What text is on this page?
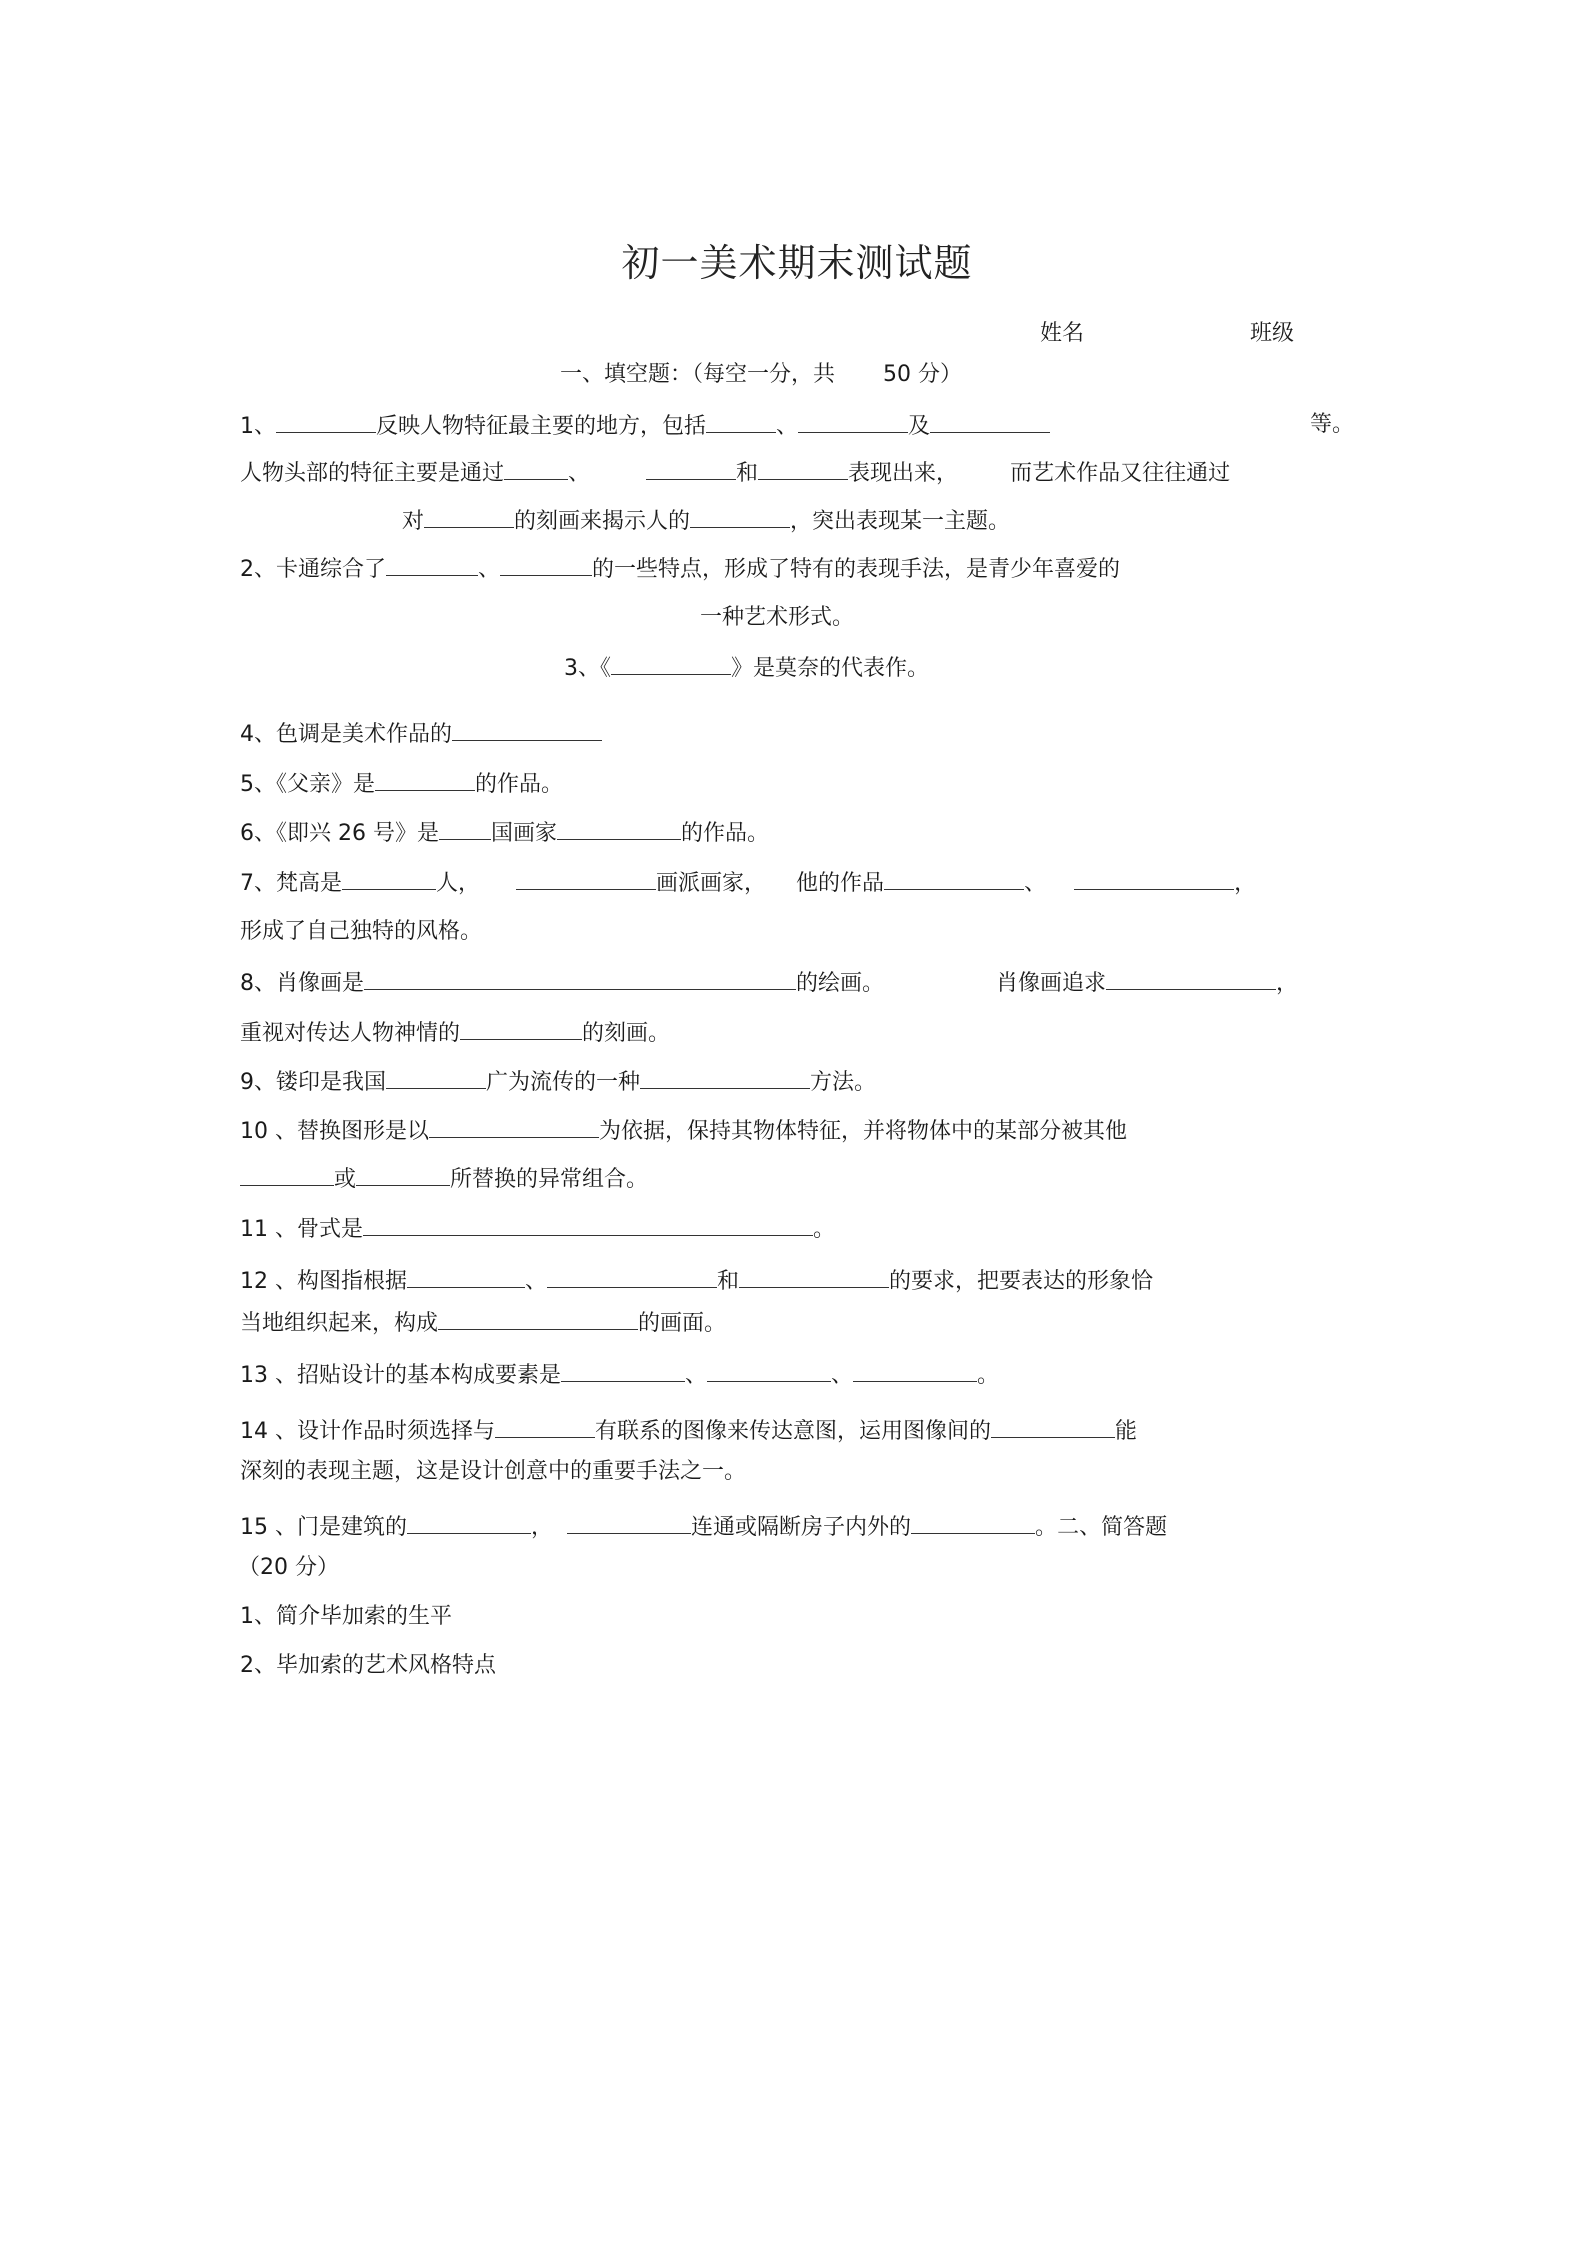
初一美术期末测试题
姓名	班级
一、填空题：（每空一分，共 50 分）
1、	反映人物特征最主要的地方，包括	、	及	等。
人物头部的特征主要是通过	、	和	表现出来， 而艺术作品又往往通过
对	的刻画来揭示人的	，突出表现某一主题。
2、卡通综合了	、	的一些特点，形成了特有的表现手法，是青少年喜爱的
一种艺术形式。
3、《	》是莫奈的代表作。
4、色调是美术作品的
5、《父亲》是	的作品。
6、《即兴 26 号》是 国画家	的作品。
7、梵高是	人，	画派画家， 他的作品	、	，
形成了自己独特的风格。
8、肖像画是	的绘画。	肖像画追求	，
重视对传达人物神情的	的刻画。
9、镂印是我国	广为流传的一种	方法。
10 、替换图形是以	为依据，保持其物体特征，并将物体中的某部分被其他
或	所替换的异常组合。
11 、骨式是	。
12 、构图指根据	、	和	的要求，把要表达的形象恰
当地组织起来，构成	的画面。
13 、招贴设计的基本构成要素是	、	、	。
14 、设计作品时须选择与	有联系的图像来传达意图，运用图像间的	能
深刻的表现主题，这是设计创意中的重要手法之一。
15 、门是建筑的	，	连通或隔断房子内外的	。二、简答题
（20 分）
1、简介毕加索的生平
2、毕加索的艺术风格特点
